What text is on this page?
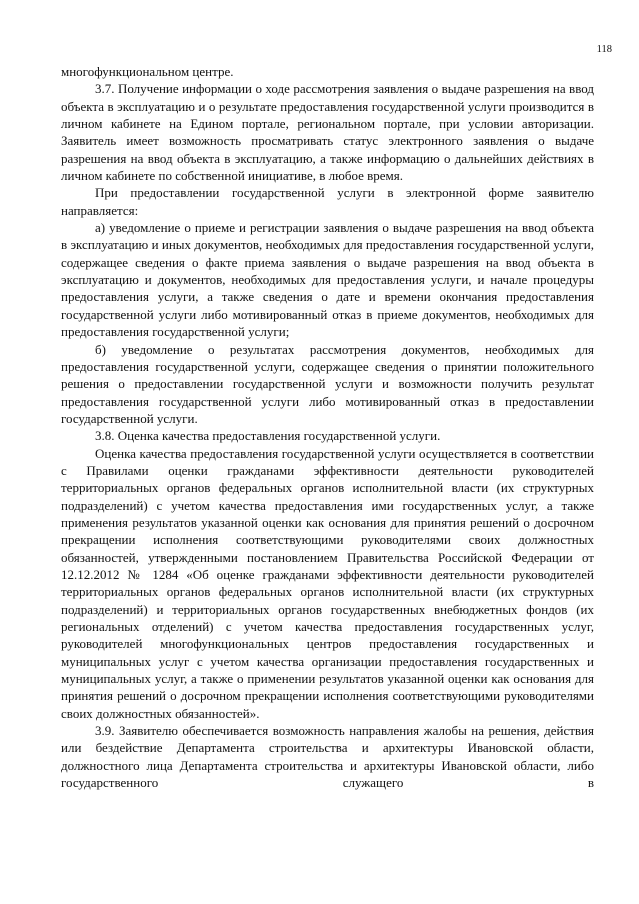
118

многофункциональном центре.

3.7. Получение информации о ходе рассмотрения заявления о выдаче разрешения на ввод объекта в эксплуатацию и о результате предоставления государственной услуги производится в личном кабинете на Едином портале, региональном портале, при условии авторизации. Заявитель имеет возможность просматривать статус электронного заявления о выдаче разрешения на ввод объекта в эксплуатацию, а также информацию о дальнейших действиях в личном кабинете по собственной инициативе, в любое время.

При предоставлении государственной услуги в электронной форме заявителю направляется:

а) уведомление о приеме и регистрации заявления о выдаче разрешения на ввод объекта в эксплуатацию и иных документов, необходимых для предоставления государственной услуги, содержащее сведения о факте приема заявления о выдаче разрешения на ввод объекта в эксплуатацию и документов, необходимых для предоставления услуги, и начале процедуры предоставления услуги, а также сведения о дате и времени окончания предоставления государственной услуги либо мотивированный отказ в приеме документов, необходимых для предоставления государственной услуги;

б) уведомление о результатах рассмотрения документов, необходимых для предоставления государственной услуги, содержащее сведения о принятии положительного решения о предоставлении государственной услуги и возможности получить результат предоставления государственной услуги либо мотивированный отказ в предоставлении государственной услуги.

3.8. Оценка качества предоставления государственной услуги.

Оценка качества предоставления государственной услуги осуществляется в соответствии с Правилами оценки гражданами эффективности деятельности руководителей территориальных органов федеральных органов исполнительной власти (их структурных подразделений) с учетом качества предоставления ими государственных услуг, а также применения результатов указанной оценки как основания для принятия решений о досрочном прекращении исполнения соответствующими руководителями своих должностных обязанностей, утвержденными постановлением Правительства Российской Федерации от 12.12.2012 № 1284 «Об оценке гражданами эффективности деятельности руководителей территориальных органов федеральных органов исполнительной власти (их структурных подразделений) и территориальных органов государственных внебюджетных фондов (их региональных отделений) с учетом качества предоставления государственных услуг, руководителей многофункциональных центров предоставления государственных и муниципальных услуг с учетом качества организации предоставления государственных и муниципальных услуг, а также о применении результатов указанной оценки как основания для принятия решений о досрочном прекращении исполнения соответствующими руководителями своих должностных обязанностей».

3.9. Заявителю обеспечивается возможность направления жалобы на решения, действия или бездействие Департамента строительства и архитектуры Ивановской области, должностного лица Департамента строительства и архитектуры Ивановской области, либо государственного служащего в
